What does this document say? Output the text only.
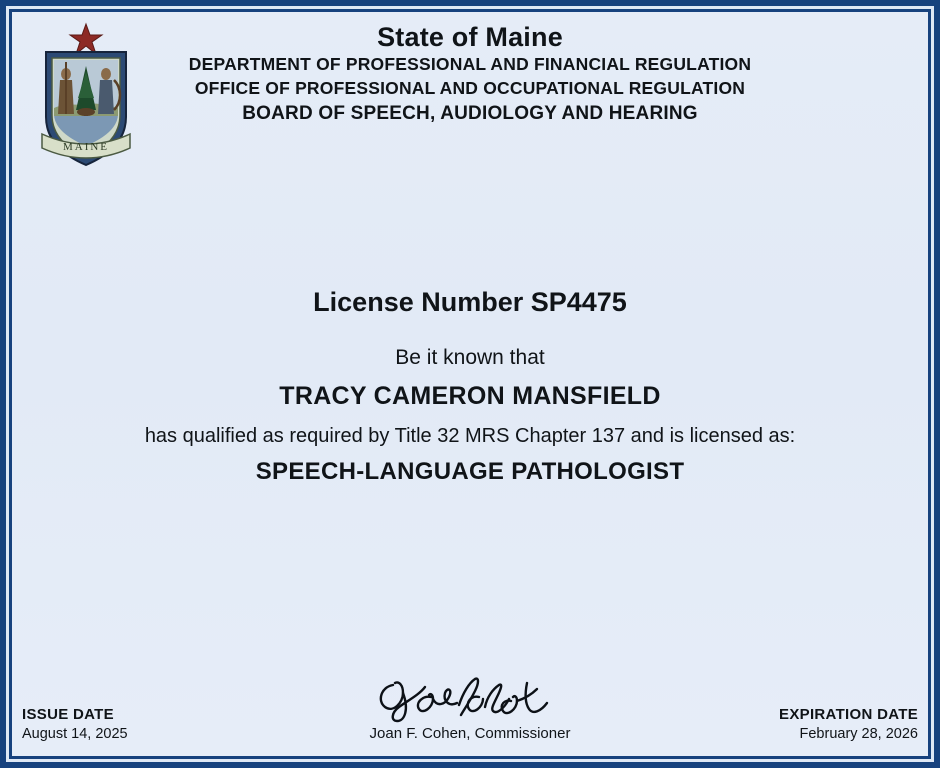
MAINE
State of Maine
DEPARTMENT OF PROFESSIONAL AND FINANCIAL REGULATION
OFFICE OF PROFESSIONAL AND OCCUPATIONAL REGULATION
BOARD OF SPEECH, AUDIOLOGY AND HEARING
License Number SP4475
Be it known that
TRACY CAMERON MANSFIELD
has qualified as required by Title 32 MRS Chapter 137 and is licensed as:
SPEECH-LANGUAGE PATHOLOGIST
ISSUE DATE
August 14, 2025	Joan F. Cohen, Commissioner
EXPIRATION DATE
February 28, 2026
